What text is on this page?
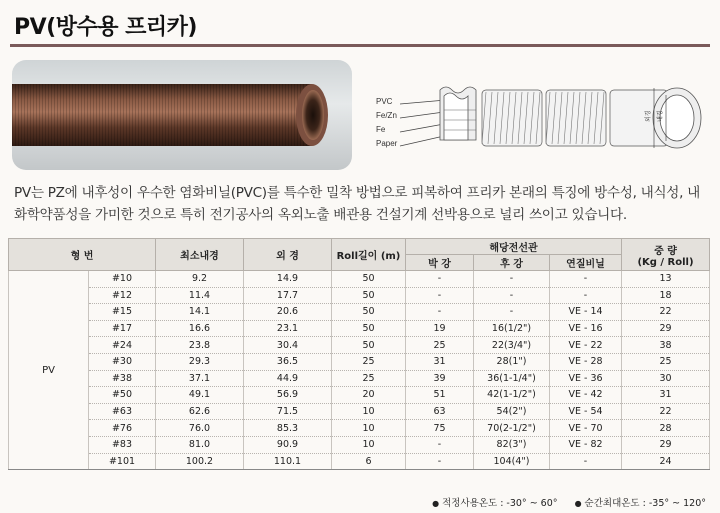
PV(방수용 프리카)
PVC
Fe/Zn
Fe
Paper
내경
외경
PV는 PZ에 내후성이 우수한 염화비닐(PVC)를 특수한 밀착 방법으로 피복하여 프리카 본래의 특징에 방수성, 내식성, 내화학약품성을 가미한 것으로 특히 전기공사의 옥외노출 배관용 건설기계 선박용으로 널리 쓰이고 있습니다.
형 번		최소내경	외 경	Roll길이 (m)	해당전선관			중 량
(Kg / Roll)

					박 강	후 강	연질비닐	
PV	#10	9.2	14.9	50	-	-	-	13
	#12	11.4	17.7	50	-	-	-	18
	#15	14.1	20.6	50	-	-	VE - 14	22
	#17	16.6	23.1	50	19	16(1/2")	VE - 16	29
	#24	23.8	30.4	50	25	22(3/4")	VE - 22	38
	#30	29.3	36.5	25	31	28(1")	VE - 28	25
	#38	37.1	44.9	25	39	36(1-1/4")	VE - 36	30
	#50	49.1	56.9	20	51	42(1-1/2")	VE - 42	31
	#63	62.6	71.5	10	63	54(2")	VE - 54	22
	#76	76.0	85.3	10	75	70(2-1/2")	VE - 70	28
	#83	81.0	90.9	10	-	82(3")	VE - 82	29
	#101	100.2	110.1	6	-	104(4")	-	24
● 적정사용온도 : -30° ~ 60° ● 순간최대온도 : -35° ~ 120°
